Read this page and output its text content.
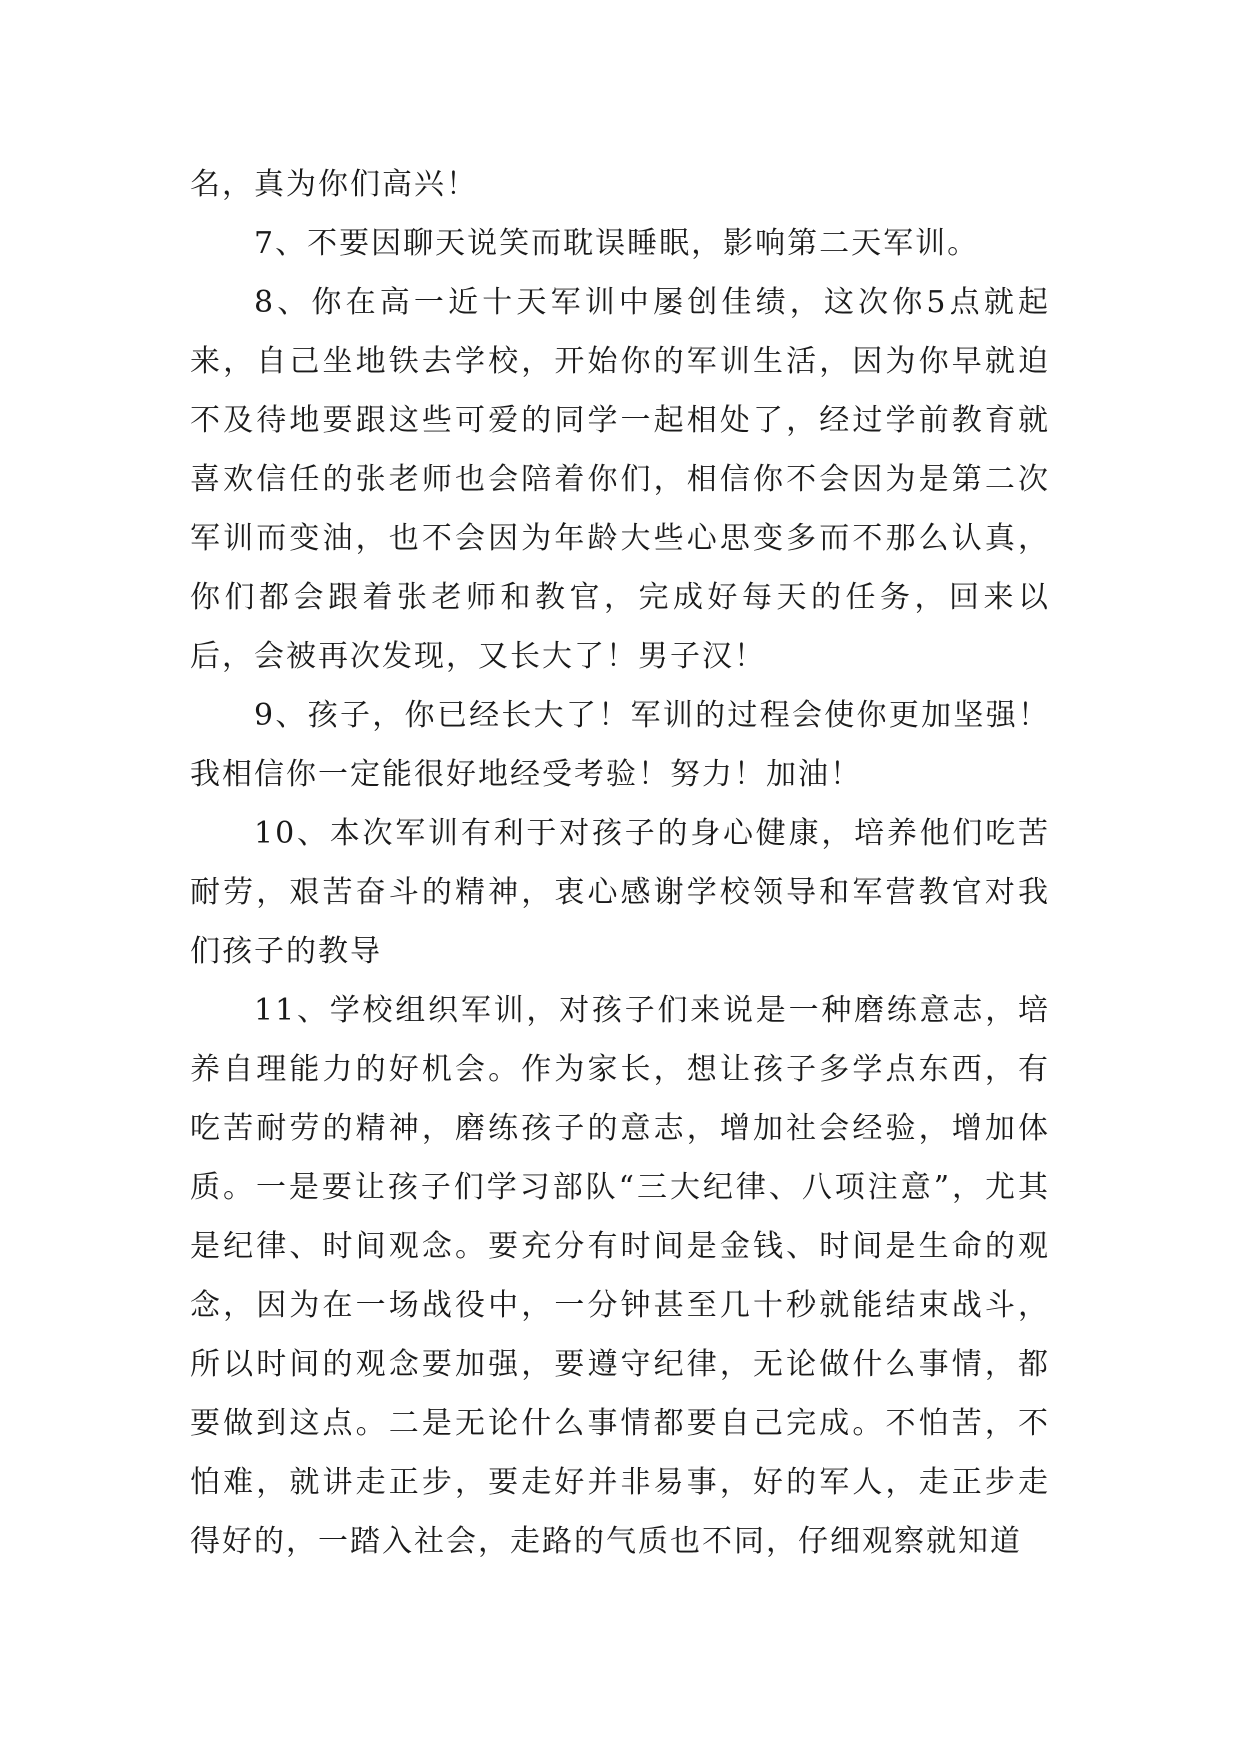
名，真为你们高兴！

7、不要因聊天说笑而耽误睡眠，影响第二天军训。

8、你在高一近十天军训中屡创佳绩，这次你5点就起来，自己坐地铁去学校，开始你的军训生活，因为你早就迫不及待地要跟这些可爱的同学一起相处了，经过学前教育就喜欢信任的张老师也会陪着你们，相信你不会因为是第二次军训而变油，也不会因为年龄大些心思变多而不那么认真，你们都会跟着张老师和教官，完成好每天的任务，回来以后，会被再次发现，又长大了！男子汉！

9、孩子，你已经长大了！军训的过程会使你更加坚强！我相信你一定能很好地经受考验！努力！加油！

10、本次军训有利于对孩子的身心健康，培养他们吃苦耐劳，艰苦奋斗的精神，衷心感谢学校领导和军营教官对我们孩子的教导

11、学校组织军训，对孩子们来说是一种磨练意志，培养自理能力的好机会。作为家长，想让孩子多学点东西，有吃苦耐劳的精神，磨练孩子的意志，增加社会经验，增加体质。一是要让孩子们学习部队“三大纪律、八项注意”，尤其是纪律、时间观念。要充分有时间是金钱、时间是生命的观念，因为在一场战役中，一分钟甚至几十秒就能结束战斗，所以时间的观念要加强，要遵守纪律，无论做什么事情，都要做到这点。二是无论什么事情都要自己完成。不怕苦，不怕难，就讲走正步，要走好并非易事，好的军人，走正步走得好的，一踏入社会，走路的气质也不同，仔细观察就知道
